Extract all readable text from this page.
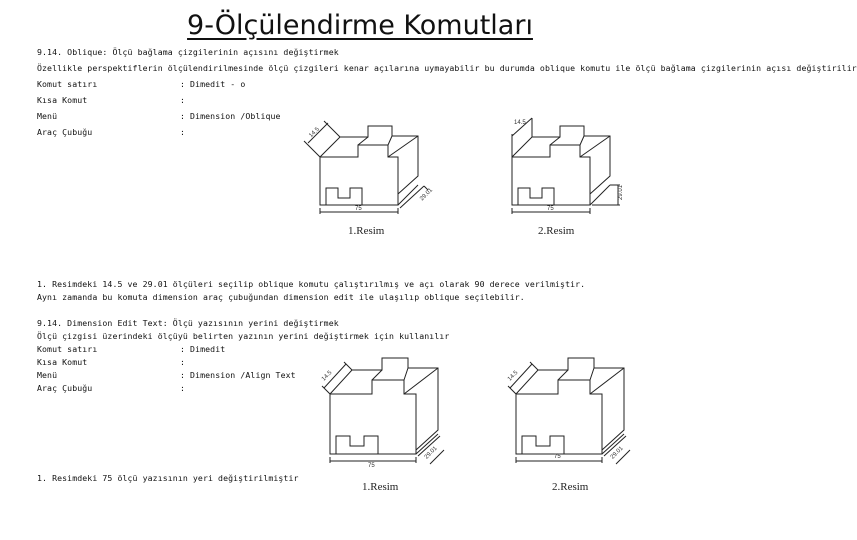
9-Ölçülendirme Komutları
9.14. Oblique: Ölçü bağlama çizgilerinin açısını değiştirmek
Özellikle perspektiflerin ölçülendirilmesinde ölçü çizgileri kenar açılarına uymayabilir bu durumda oblique komutu ile ölçü bağlama çizgilerinin açısı değiştirilir
Komut satırı	: Dimedit - o
Kısa Komut	:
Menü	: Dimension /Oblique
Araç Çubuğu	:	14.5
29.01
75
14.5
29.01
75
1.Resim	2.Resim
1. Resimdeki 14.5 ve 29.01 ölçüleri seçilip oblique komutu çalıştırılmış ve açı olarak 90 derece verilmiştir.
Aynı zamanda bu komuta dimension araç çubuğundan dimension edit ile ulaşılıp oblique seçilebilir.
9.14. Dimension Edit Text: Ölçü yazısının yerini değiştirmek
Ölçü çizgisi üzerindeki ölçüyü belirten yazının yerini değiştirmek için kullanılır
Komut satırı	: Dimedit
Kısa Komut	:
Menü	: Dimension /Align Text
Araç Çubuğu	:
14.5
29.01
75
14.5
29.01
75
1.Resim	2.Resim
1. Resimdeki 75 ölçü yazısının yeri değiştirilmiştir
